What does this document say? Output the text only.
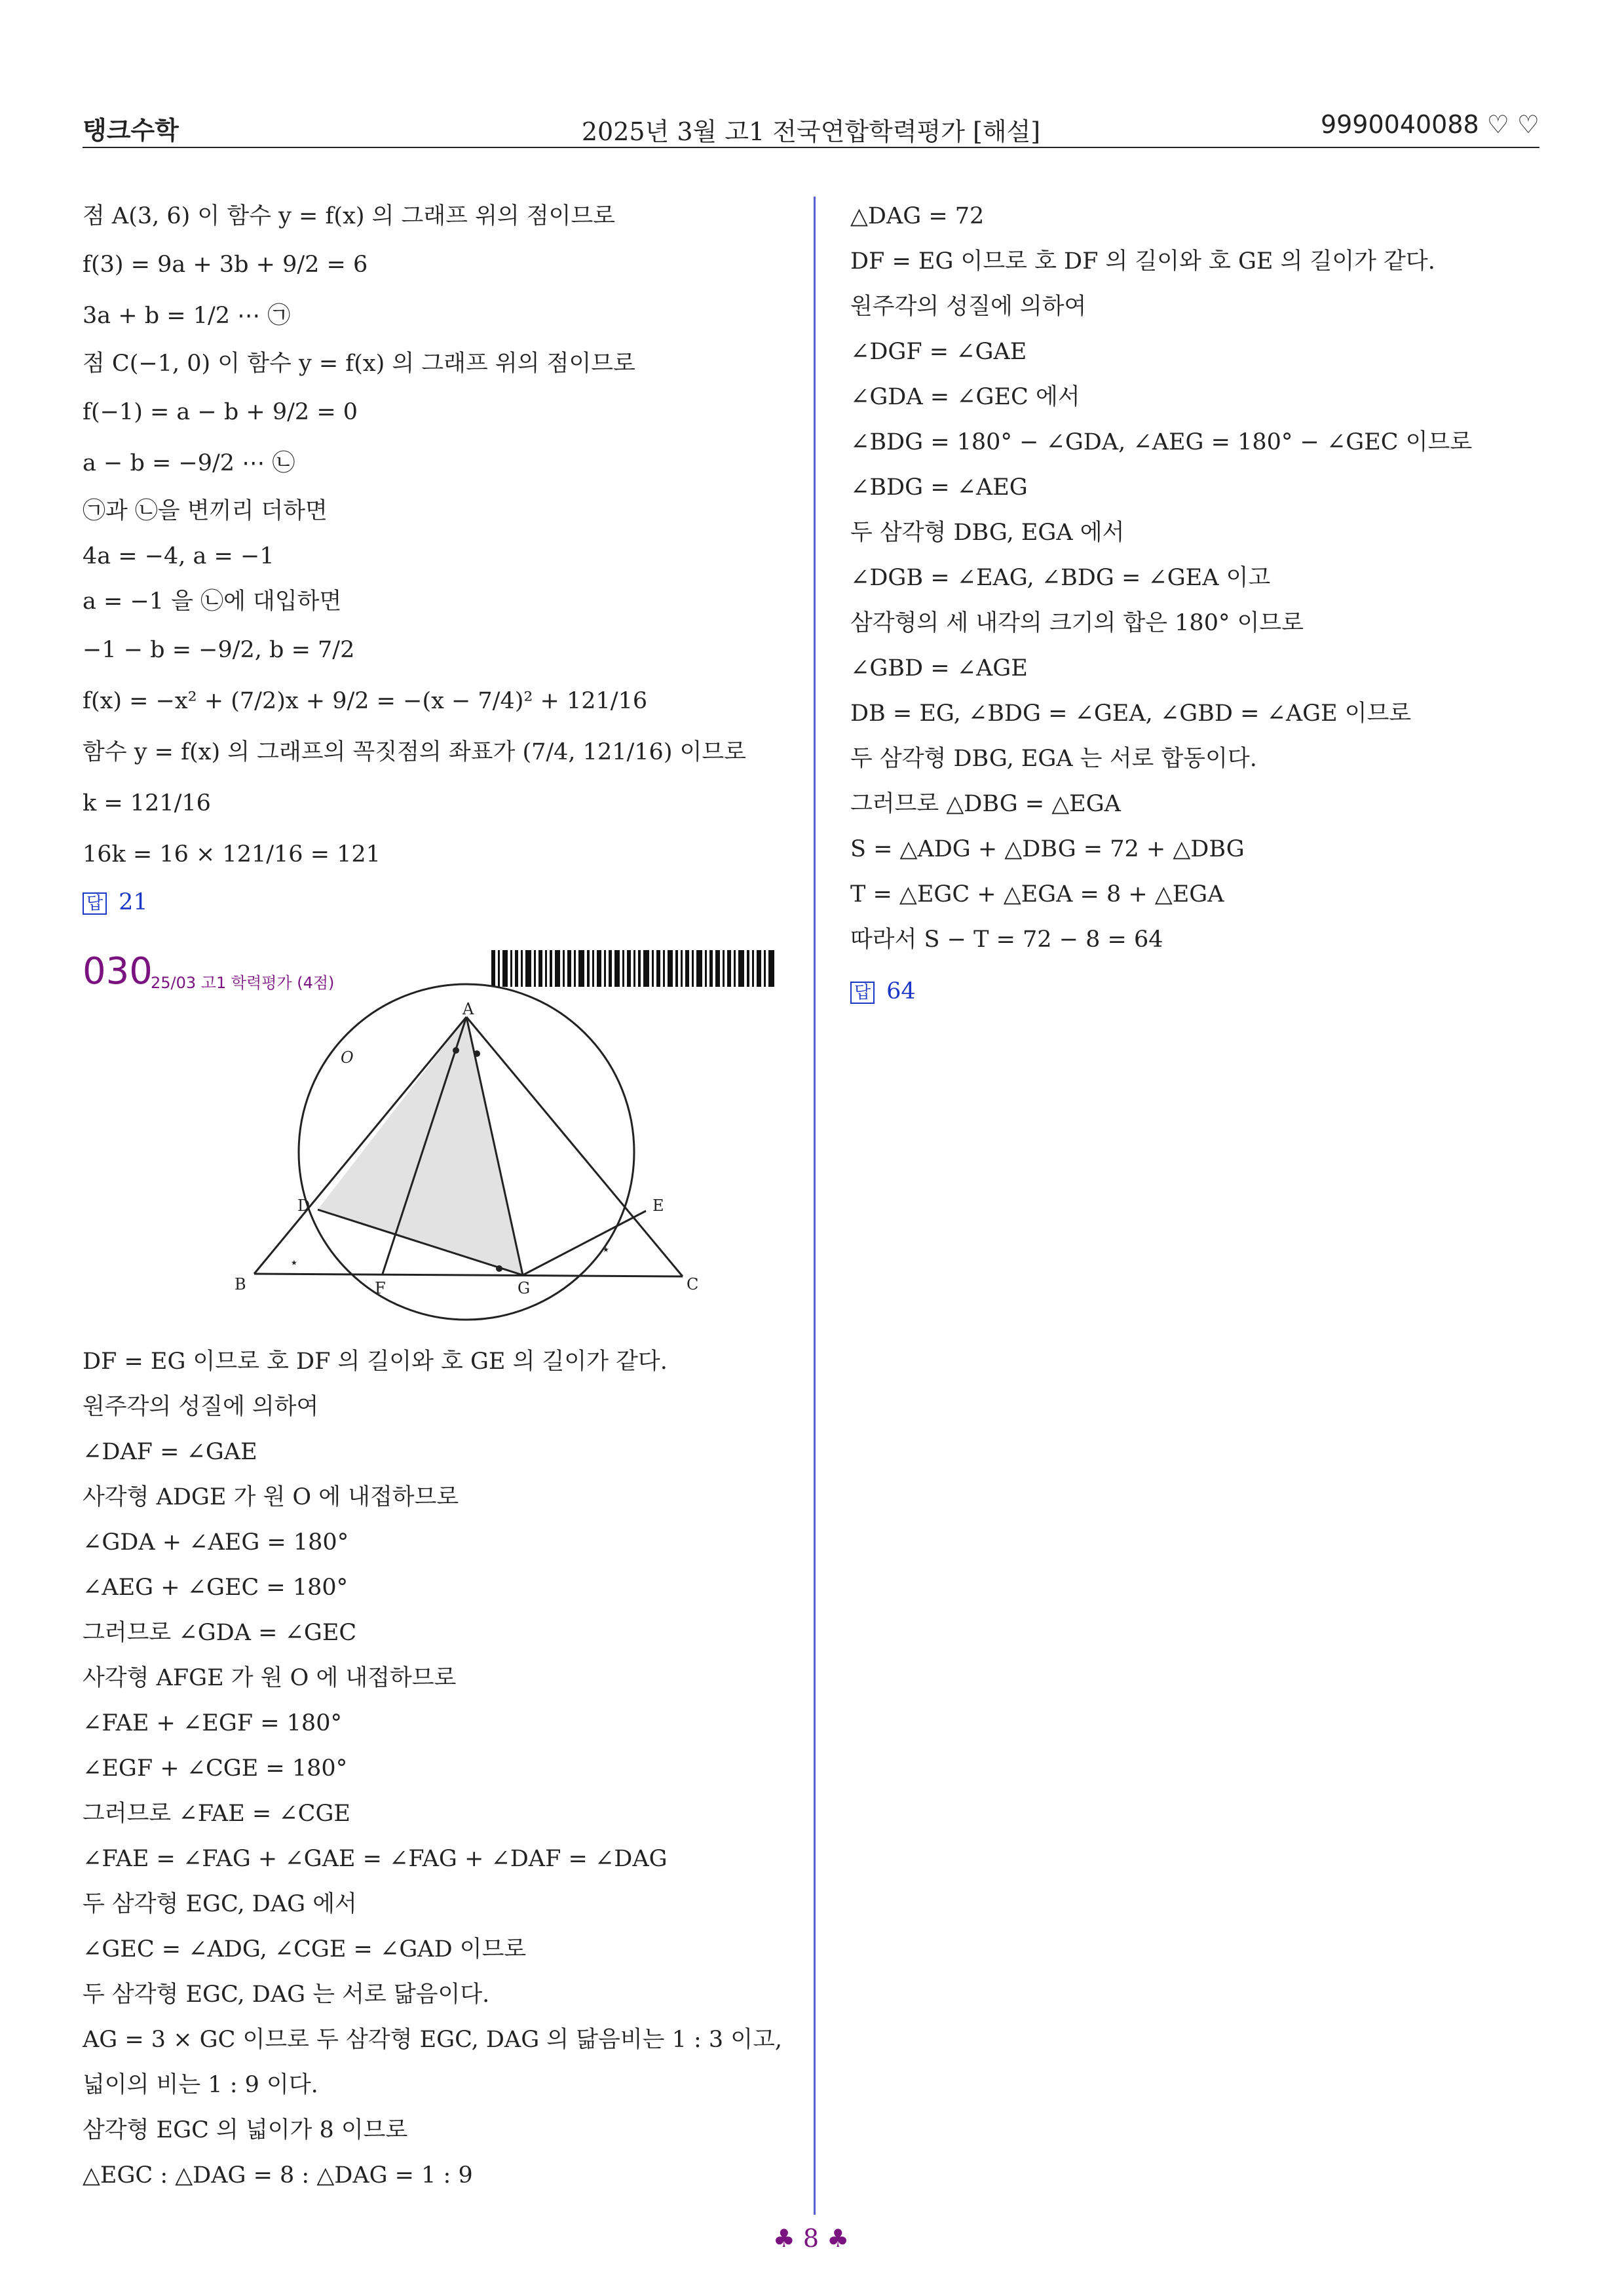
탱크수학	2025년 3월 고1 전국연합학력평가 [해설]	9990040088 ♡ ♡
점 A(3, 6) 이 함수 y = f(x) 의 그래프 위의 점이므로
f(3) = 9a + 3b + 9/2 = 6
3a + b = 1/2 ⋯ ㉠
점 C(−1, 0) 이 함수 y = f(x) 의 그래프 위의 점이므로
f(−1) = a − b + 9/2 = 0
a − b = −9/2 ⋯ ㉡
㉠과 ㉡을 변끼리 더하면
4a = −4, a = −1
a = −1 을 ㉡에 대입하면
−1 − b = −9/2, b = 7/2
f(x) = −x² + (7/2)x + 9/2 = −(x − 7/4)² + 121/16
함수 y = f(x) 의 그래프의 꼭짓점의 좌표가 (7/4, 121/16) 이므로
k = 121/16
16k = 16 × 121/16 = 121
답 21
030
25/03 고1 학력평가 (4점)
⋆
⋆
A
O
D	E
B	F	G	C
DF = EG 이므로 호 DF 의 길이와 호 GE 의 길이가 같다.
원주각의 성질에 의하여
∠DAF = ∠GAE
사각형 ADGE 가 원 O 에 내접하므로
∠GDA + ∠AEG = 180°
∠AEG + ∠GEC = 180°
그러므로 ∠GDA = ∠GEC
사각형 AFGE 가 원 O 에 내접하므로
∠FAE + ∠EGF = 180°
∠EGF + ∠CGE = 180°
그러므로 ∠FAE = ∠CGE
∠FAE = ∠FAG + ∠GAE = ∠FAG + ∠DAF = ∠DAG
두 삼각형 EGC, DAG 에서
∠GEC = ∠ADG, ∠CGE = ∠GAD 이므로
두 삼각형 EGC, DAG 는 서로 닮음이다.
AG = 3 × GC 이므로 두 삼각형 EGC, DAG 의 닮음비는 1 : 3 이고,
넓이의 비는 1 : 9 이다.
삼각형 EGC 의 넓이가 8 이므로
△EGC : △DAG = 8 : △DAG = 1 : 9
△DAG = 72
DF = EG 이므로 호 DF 의 길이와 호 GE 의 길이가 같다.
원주각의 성질에 의하여
∠DGF = ∠GAE
∠GDA = ∠GEC 에서
∠BDG = 180° − ∠GDA, ∠AEG = 180° − ∠GEC 이므로
∠BDG = ∠AEG
두 삼각형 DBG, EGA 에서
∠DGB = ∠EAG, ∠BDG = ∠GEA 이고
삼각형의 세 내각의 크기의 합은 180° 이므로
∠GBD = ∠AGE
DB = EG, ∠BDG = ∠GEA, ∠GBD = ∠AGE 이므로
두 삼각형 DBG, EGA 는 서로 합동이다.
그러므로 △DBG = △EGA
S = △ADG + △DBG = 72 + △DBG
T = △EGC + △EGA = 8 + △EGA
따라서 S − T = 72 − 8 = 64
답 64
♣ 8 ♣
